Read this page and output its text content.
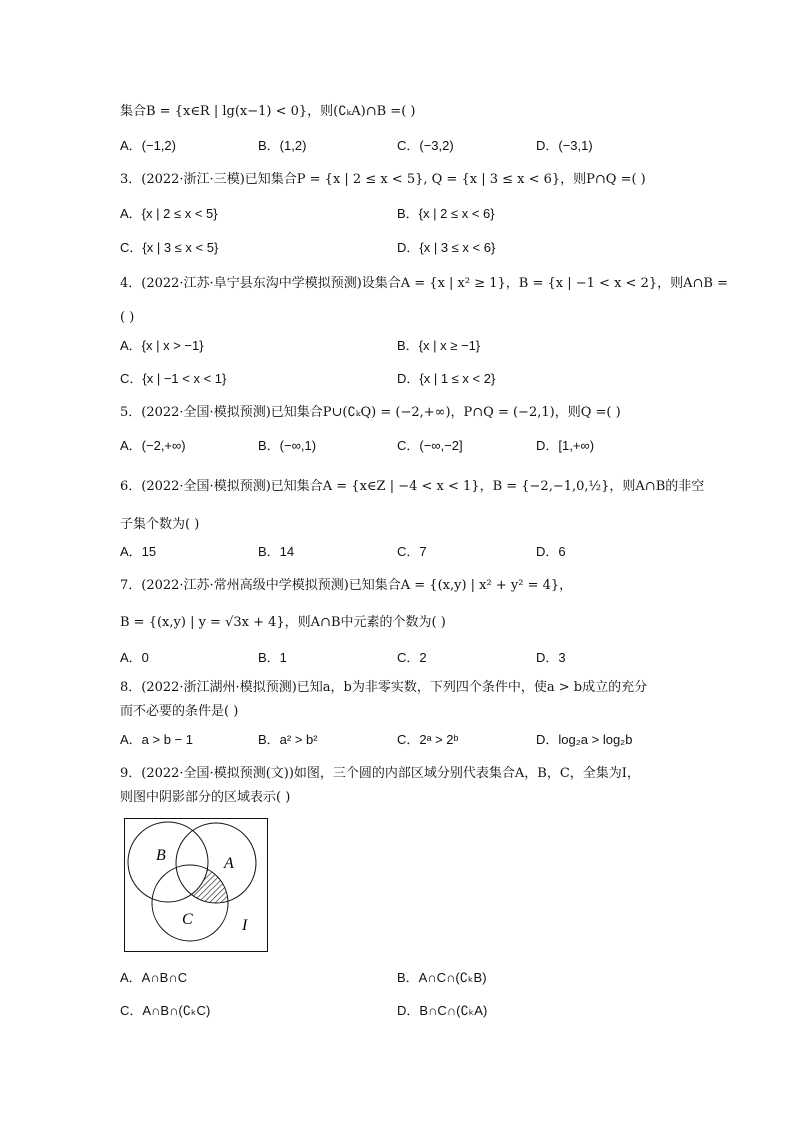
集合B = {x∈R | lg(x−1) < 0}，则(∁ₖA)∩B =( )
A．(−1,2)	B．(1,2)	C．(−3,2)	D．(−3,1)
3．(2022·浙江·三模)已知集合P = {x | 2 ≤ x < 5}, Q = {x | 3 ≤ x < 6}，则P∩Q =( )
A．{x | 2 ≤ x < 5}	B．{x | 2 ≤ x < 6}
C．{x | 3 ≤ x < 5}	D．{x | 3 ≤ x < 6}
4．(2022·江苏·阜宁县东沟中学模拟预测)设集合A = {x | x² ≥ 1}，B = {x | −1 < x < 2}，则A∩B =
( )
A．{x | x > −1}	B．{x | x ≥ −1}
C．{x | −1 < x < 1}	D．{x | 1 ≤ x < 2}
5．(2022·全国·模拟预测)已知集合P∪(∁ₖQ) = (−2,+∞)，P∩Q = (−2,1)，则Q =( )
A．(−2,+∞)	B．(−∞,1)	C．(−∞,−2]	D．[1,+∞)
6．(2022·全国·模拟预测)已知集合A = {x∈Z | −4 < x < 1}，B = {−2,−1,0,½}，则A∩B的非空
子集个数为( )
A．15	B．14	C．7	D．6
7．(2022·江苏·常州高级中学模拟预测)已知集合A = {(x,y) | x² + y² = 4}，
B = {(x,y) | y = √3x + 4}，则A∩B中元素的个数为( )
A．0	B．1	C．2	D．3
8．(2022·浙江湖州·模拟预测)已知a，b为非零实数，下列四个条件中，使a > b成立的充分
而不必要的条件是( )
A．a > b − 1	B．a² > b²	C．2ᵃ > 2ᵇ	D．log₂a > log₂b
9．(2022·全国·模拟预测(文))如图，三个圆的内部区域分别代表集合A，B，C，全集为I，
则图中阴影部分的区域表示( )
B	A
C	I
A．A∩B∩C	B．A∩C∩(∁ₖB)
C．A∩B∩(∁ₖC)	D．B∩C∩(∁ₖA)
